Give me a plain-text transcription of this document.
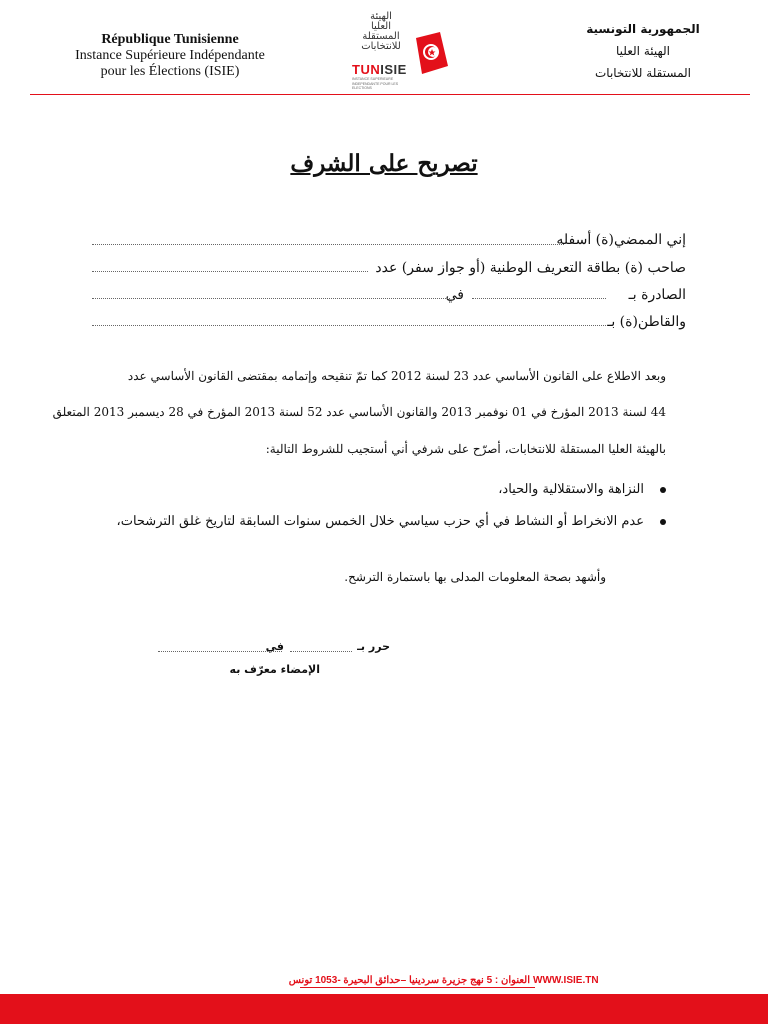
République Tunisienne
Instance Supérieure Indépendante
pour les Élections (ISIE)
الهيئة
العليا
المستقلة
للانتخابات
TUNISIE
INSTANCE SUPERIEURE INDEPENDANTE POUR LES ELECTIONS
الجمهورية التونسية
الهيئة العليا
المستقلة للانتخابات
تصريح على الشرف
إني الممضي(ة) أسفله
صاحب (ة) بطاقة التعريف الوطنية (أو جواز سفر) عدد
الصادرة بـ
في
والقاطن(ة) بـ
وبعد الاطلاع على القانون الأساسي عدد 23 لسنة 2012 كما تمّ تنقيحه وإتمامه بمقتضى القانون الأساسي عدد
44 لسنة 2013 المؤرخ في 01 نوفمبر 2013 والقانون الأساسي عدد 52 لسنة 2013 المؤرخ في 28 ديسمبر 2013 المتعلق
بالهيئة العليا المستقلة للانتخابات، أصرّح على شرفي أني أستجيب للشروط التالية:
النزاهة والاستقلالية والحياد،
عدم الانخراط أو النشاط في أي حزب سياسي خلال الخمس سنوات السابقة لتاريخ غلق الترشحات،
وأشهد بصحة المعلومات المدلى بها باستمارة الترشح.
حرر بـ
في
الإمضاء معرّف به
WWW.ISIE.TN
العنوان : 5 نهج جزيرة سردينيا –حدائق البحيرة -1053 تونس
